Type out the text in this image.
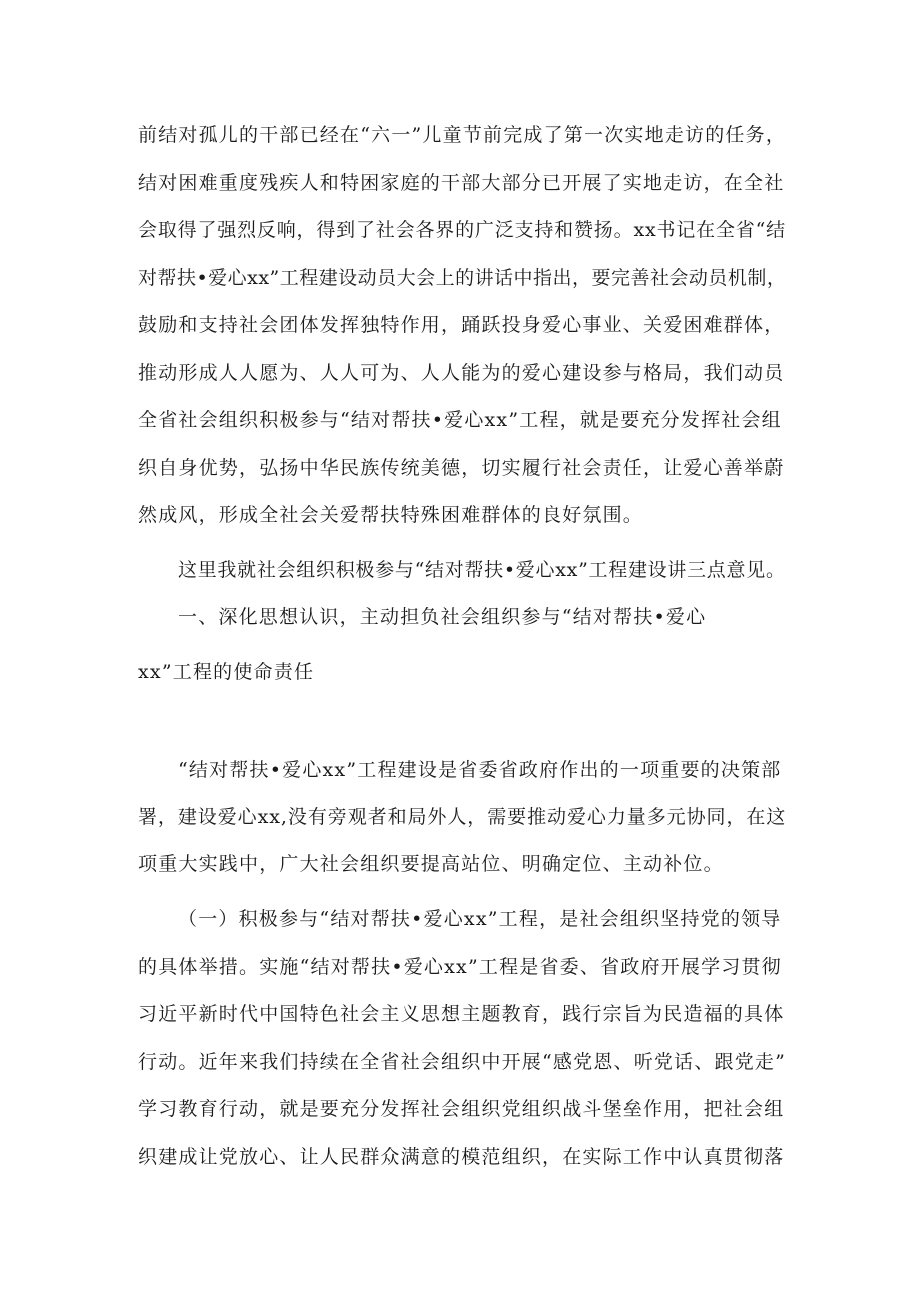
前结对孤儿的干部已经在“六一”儿童节前完成了第一次实地走访的任务，
结对困难重度残疾人和特困家庭的干部大部分已开展了实地走访，在全社
会取得了强烈反响，得到了社会各界的广泛支持和赞扬。xx书记在全省“结
对帮扶•爱心xx”工程建设动员大会上的讲话中指出，要完善社会动员机制，
鼓励和支持社会团体发挥独特作用，踊跃投身爱心事业、关爱困难群体，
推动形成人人愿为、人人可为、人人能为的爱心建设参与格局，我们动员
全省社会组织积极参与“结对帮扶•爱心xx”工程，就是要充分发挥社会组
织自身优势，弘扬中华民族传统美德，切实履行社会责任，让爱心善举蔚
然成风，形成全社会关爱帮扶特殊困难群体的良好氛围。
这里我就社会组织积极参与“结对帮扶•爱心xx”工程建设讲三点意见。
一、深化思想认识，主动担负社会组织参与“结对帮扶•爱心
xx”工程的使命责任
“结对帮扶•爱心xx”工程建设是省委省政府作出的一项重要的决策部
署，建设爱心xx,没有旁观者和局外人，需要推动爱心力量多元协同，在这
项重大实践中，广大社会组织要提高站位、明确定位、主动补位。
（一）积极参与“结对帮扶•爱心xx”工程，是社会组织坚持党的领导
的具体举措。实施“结对帮扶•爱心xx”工程是省委、省政府开展学习贯彻
习近平新时代中国特色社会主义思想主题教育，践行宗旨为民造福的具体
行动。近年来我们持续在全省社会组织中开展“感党恩、听党话、跟党走”
学习教育行动，就是要充分发挥社会组织党组织战斗堡垒作用，把社会组
织建成让党放心、让人民群众满意的模范组织，在实际工作中认真贯彻落
